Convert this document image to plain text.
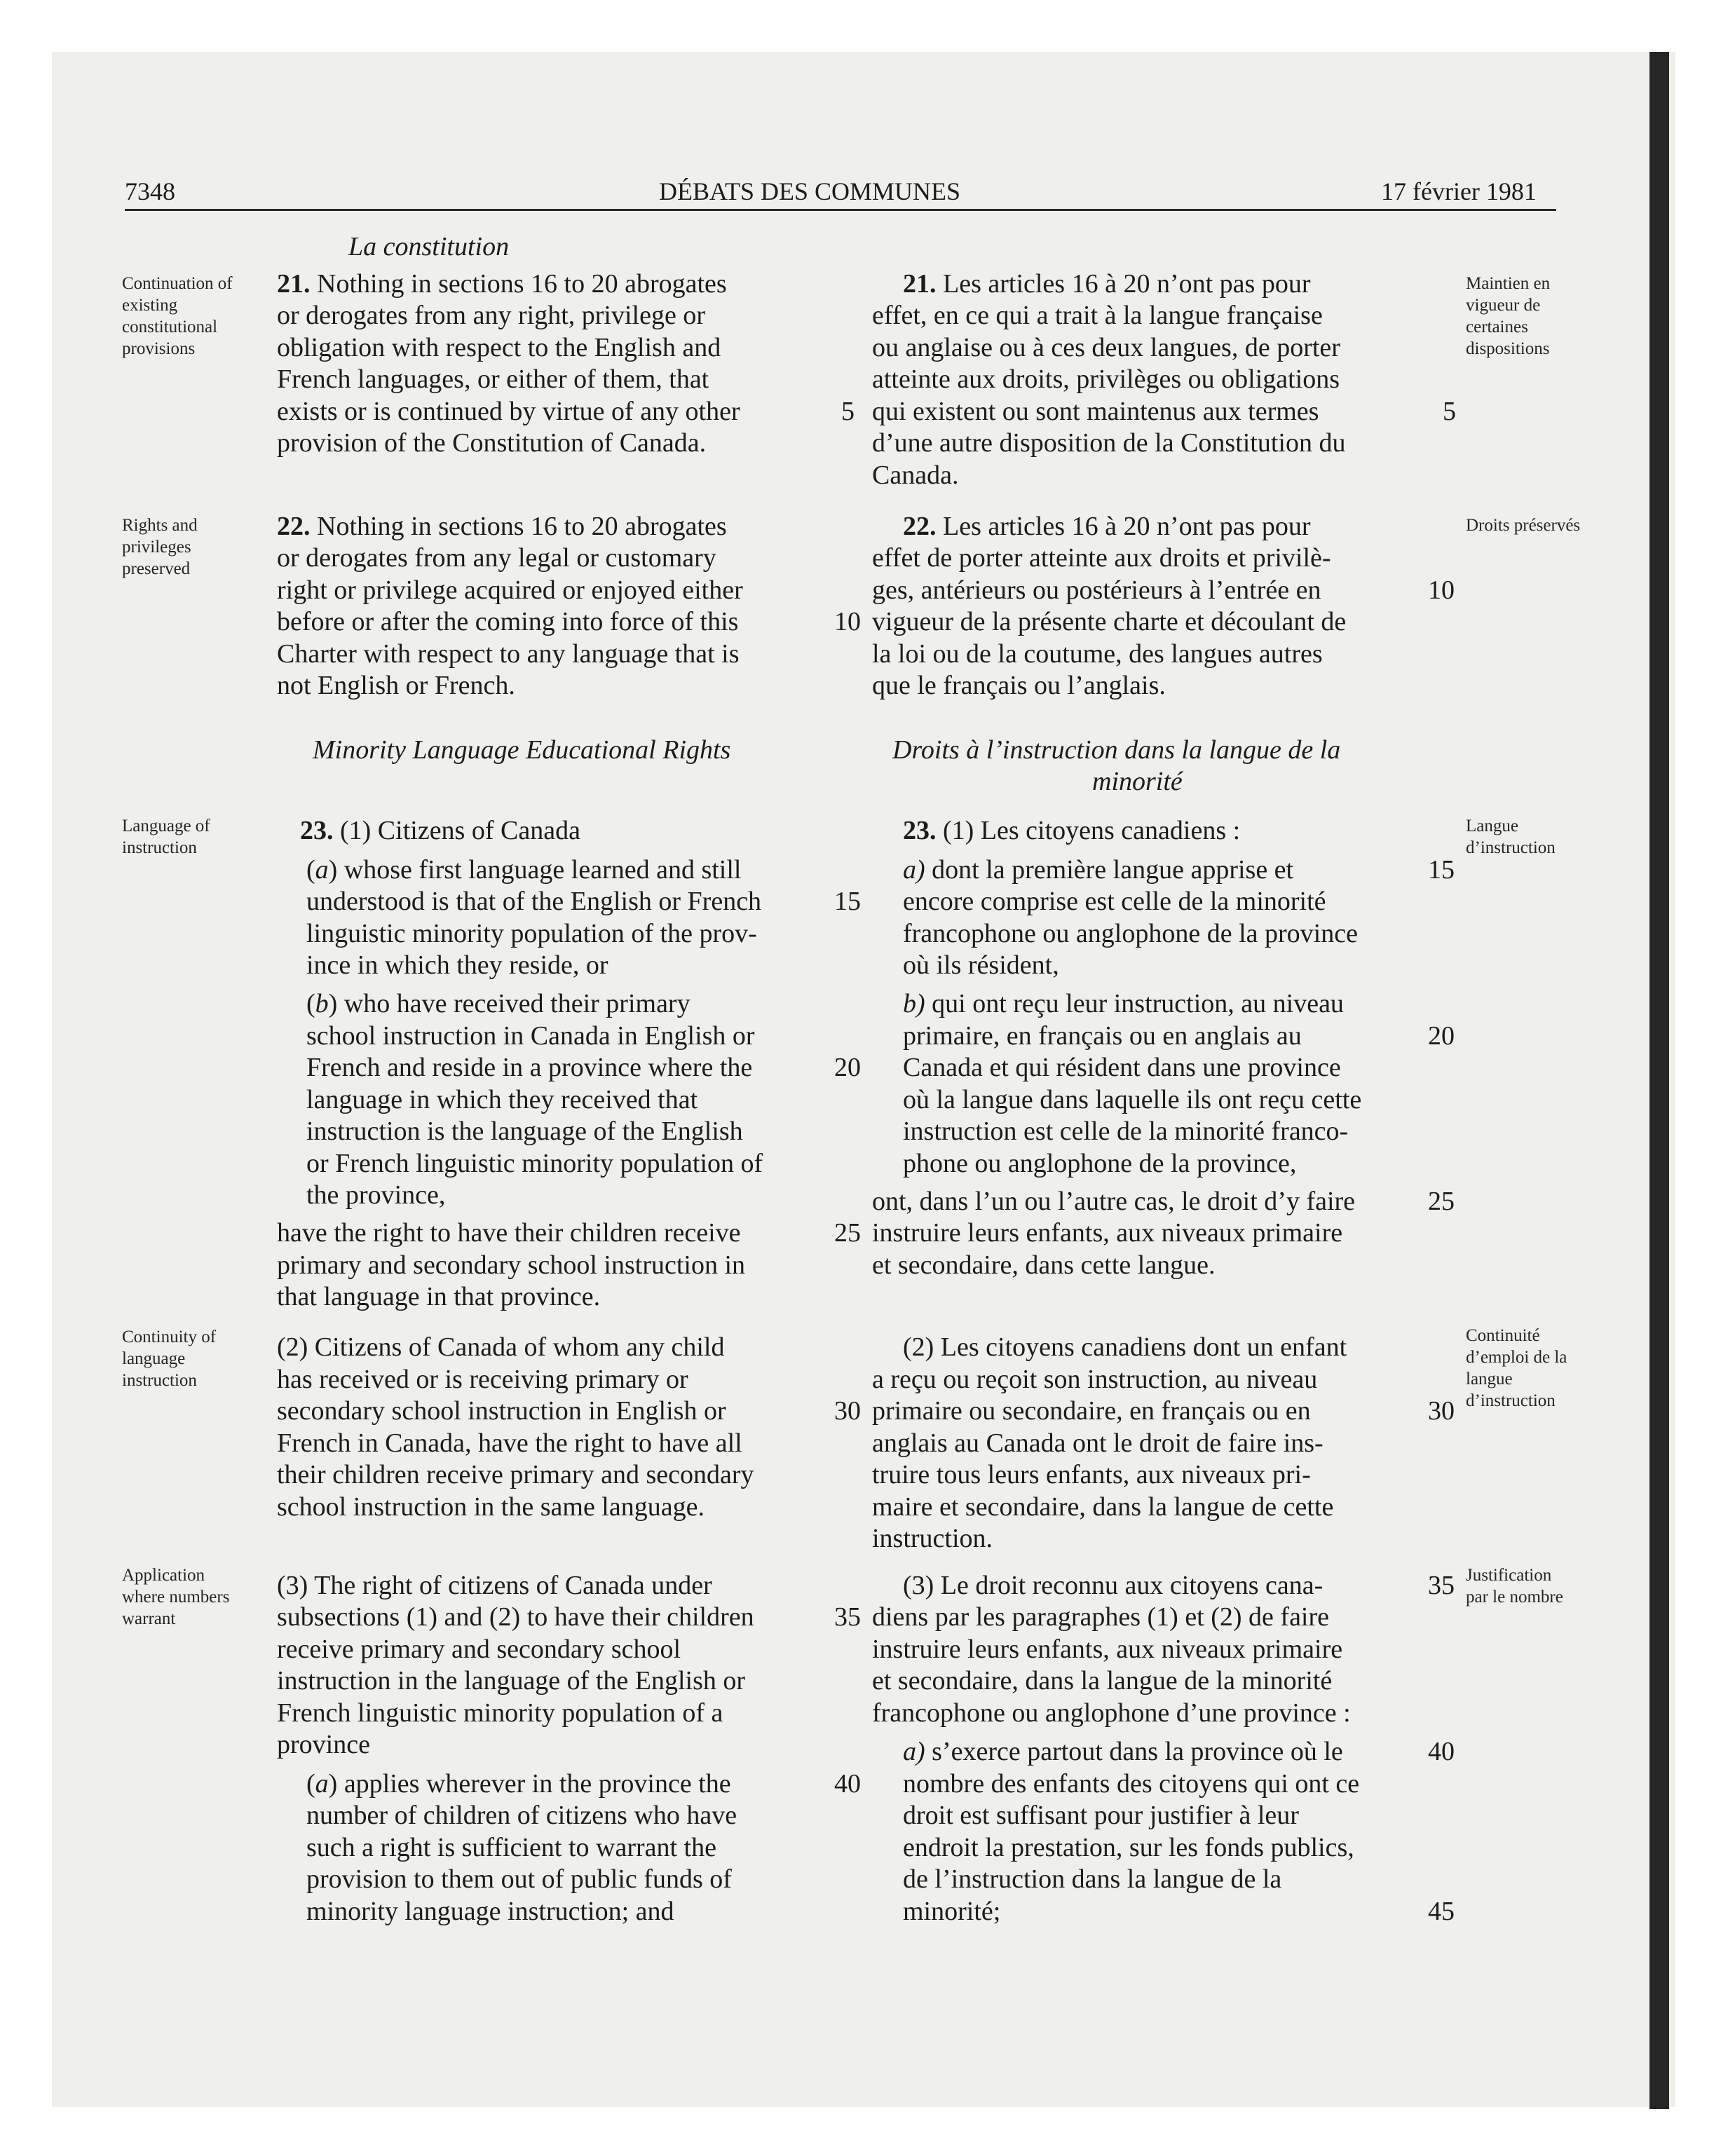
7348	DÉBATS DES COMMUNES	17 février 1981
La constitution
Continuation of
existing
constitutional
provisions
Maintien en
vigueur de
certaines
dispositions
Rights and
privileges
preserved
Droits préservés
Language of
instruction
Langue
d’instruction
Continuity of
language
instruction
Continuité
d’emploi de la
langue
d’instruction
Application
where numbers
warrant
Justification
par le nombre
21. Nothing in sections 16 to 20 abrogates
or derogates from any right, privilege or
obligation with respect to the English and
French languages, or either of them, that
exists or is continued by virtue of any other
provision of the Constitution of Canada.
22. Nothing in sections 16 to 20 abrogates
or derogates from any legal or customary
right or privilege acquired or enjoyed either
before or after the coming into force of this
Charter with respect to any language that is
not English or French.
Minority Language Educational Rights
23. (1) Citizens of Canada
(a) whose first language learned and still
understood is that of the English or French
linguistic minority population of the prov-
ince in which they reside, or
(b) who have received their primary
school instruction in Canada in English or
French and reside in a province where the
language in which they received that
instruction is the language of the English
or French linguistic minority population of
the province,
have the right to have their children receive
primary and secondary school instruction in
that language in that province.
(2) Citizens of Canada of whom any child
has received or is receiving primary or
secondary school instruction in English or
French in Canada, have the right to have all
their children receive primary and secondary
school instruction in the same language.
(3) The right of citizens of Canada under
subsections (1) and (2) to have their children
receive primary and secondary school
instruction in the language of the English or
French linguistic minority population of a
province
(a) applies wherever in the province the
number of children of citizens who have
such a right is sufficient to warrant the
provision to them out of public funds of
minority language instruction; and
21. Les articles 16 à 20 n’ont pas pour
effet, en ce qui a trait à la langue française
ou anglaise ou à ces deux langues, de porter
atteinte aux droits, privilèges ou obligations
qui existent ou sont maintenus aux termes
d’une autre disposition de la Constitution du
Canada.
22. Les articles 16 à 20 n’ont pas pour
effet de porter atteinte aux droits et privilè-
ges, antérieurs ou postérieurs à l’entrée en
vigueur de la présente charte et découlant de
la loi ou de la coutume, des langues autres
que le français ou l’anglais.
Droits à l’instruction dans la langue de la
minorité
23. (1) Les citoyens canadiens :
a) dont la première langue apprise et
encore comprise est celle de la minorité
francophone ou anglophone de la province
où ils résident,
b) qui ont reçu leur instruction, au niveau
primaire, en français ou en anglais au
Canada et qui résident dans une province
où la langue dans laquelle ils ont reçu cette
instruction est celle de la minorité franco-
phone ou anglophone de la province,
ont, dans l’un ou l’autre cas, le droit d’y faire
instruire leurs enfants, aux niveaux primaire
et secondaire, dans cette langue.
(2) Les citoyens canadiens dont un enfant
a reçu ou reçoit son instruction, au niveau
primaire ou secondaire, en français ou en
anglais au Canada ont le droit de faire ins-
truire tous leurs enfants, aux niveaux pri-
maire et secondaire, dans la langue de cette
instruction.
(3) Le droit reconnu aux citoyens cana-
diens par les paragraphes (1) et (2) de faire
instruire leurs enfants, aux niveaux primaire
et secondaire, dans la langue de la minorité
francophone ou anglophone d’une province :
a) s’exerce partout dans la province où le
nombre des enfants des citoyens qui ont ce
droit est suffisant pour justifier à leur
endroit la prestation, sur les fonds publics,
de l’instruction dans la langue de la
minorité;
5	5
10
10
15
15
20
20
25
25
30	30
35
35
40
40
45
